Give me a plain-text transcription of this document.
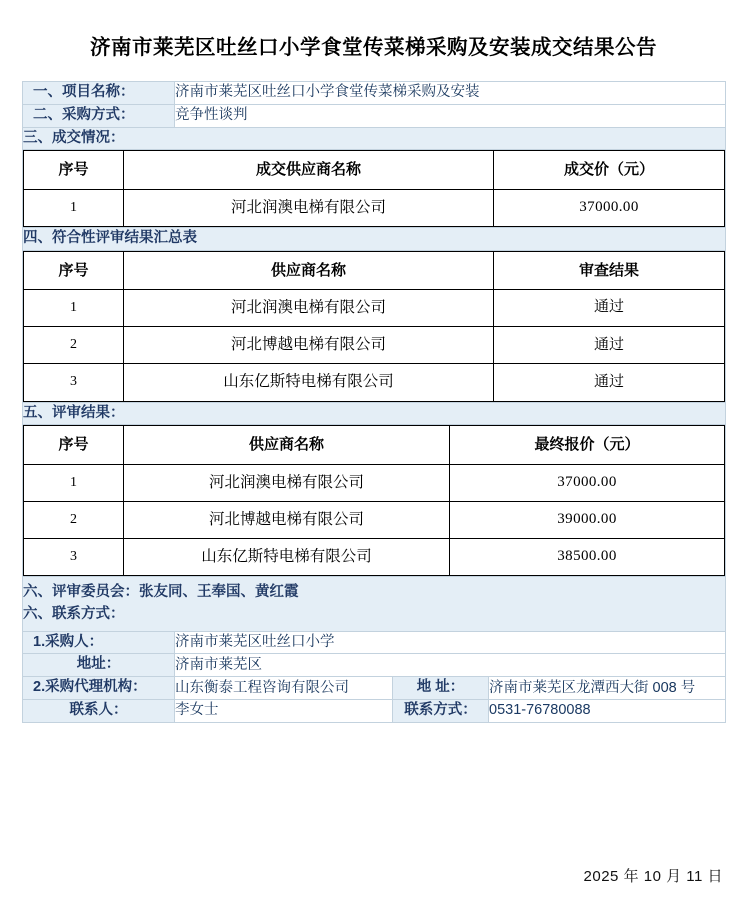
济南市莱芜区吐丝口小学食堂传菜梯采购及安装成交结果公告
一、项目名称：	济南市莱芜区吐丝口小学食堂传菜梯采购及安装
二、采购方式：	竞争性谈判
三、成交情况：

序号	成交供应商名称	成交价（元）
1	河北润澳电梯有限公司	37000.00

四、符合性评审结果汇总表

序号	供应商名称	审查结果
1	河北润澳电梯有限公司	通过
2	河北博越电梯有限公司	通过
3	山东亿斯特电梯有限公司	通过

五、评审结果：

序号	供应商名称	最终报价（元）
1	河北润澳电梯有限公司	37000.00
2	河北博越电梯有限公司	39000.00
3	山东亿斯特电梯有限公司	38500.00

六、评审委员会：张友同、王奉国、黄红霞
六、联系方式：

1.采购人：	济南市莱芜区吐丝口小学
地址：	济南市莱芜区
2.采购代理机构：	山东衡泰工程咨询有限公司	地 址：	济南市莱芜区龙潭西大街 008 号
联系人：	李女士	联系方式：	0531-76780088
2025 年 10 月 11 日
